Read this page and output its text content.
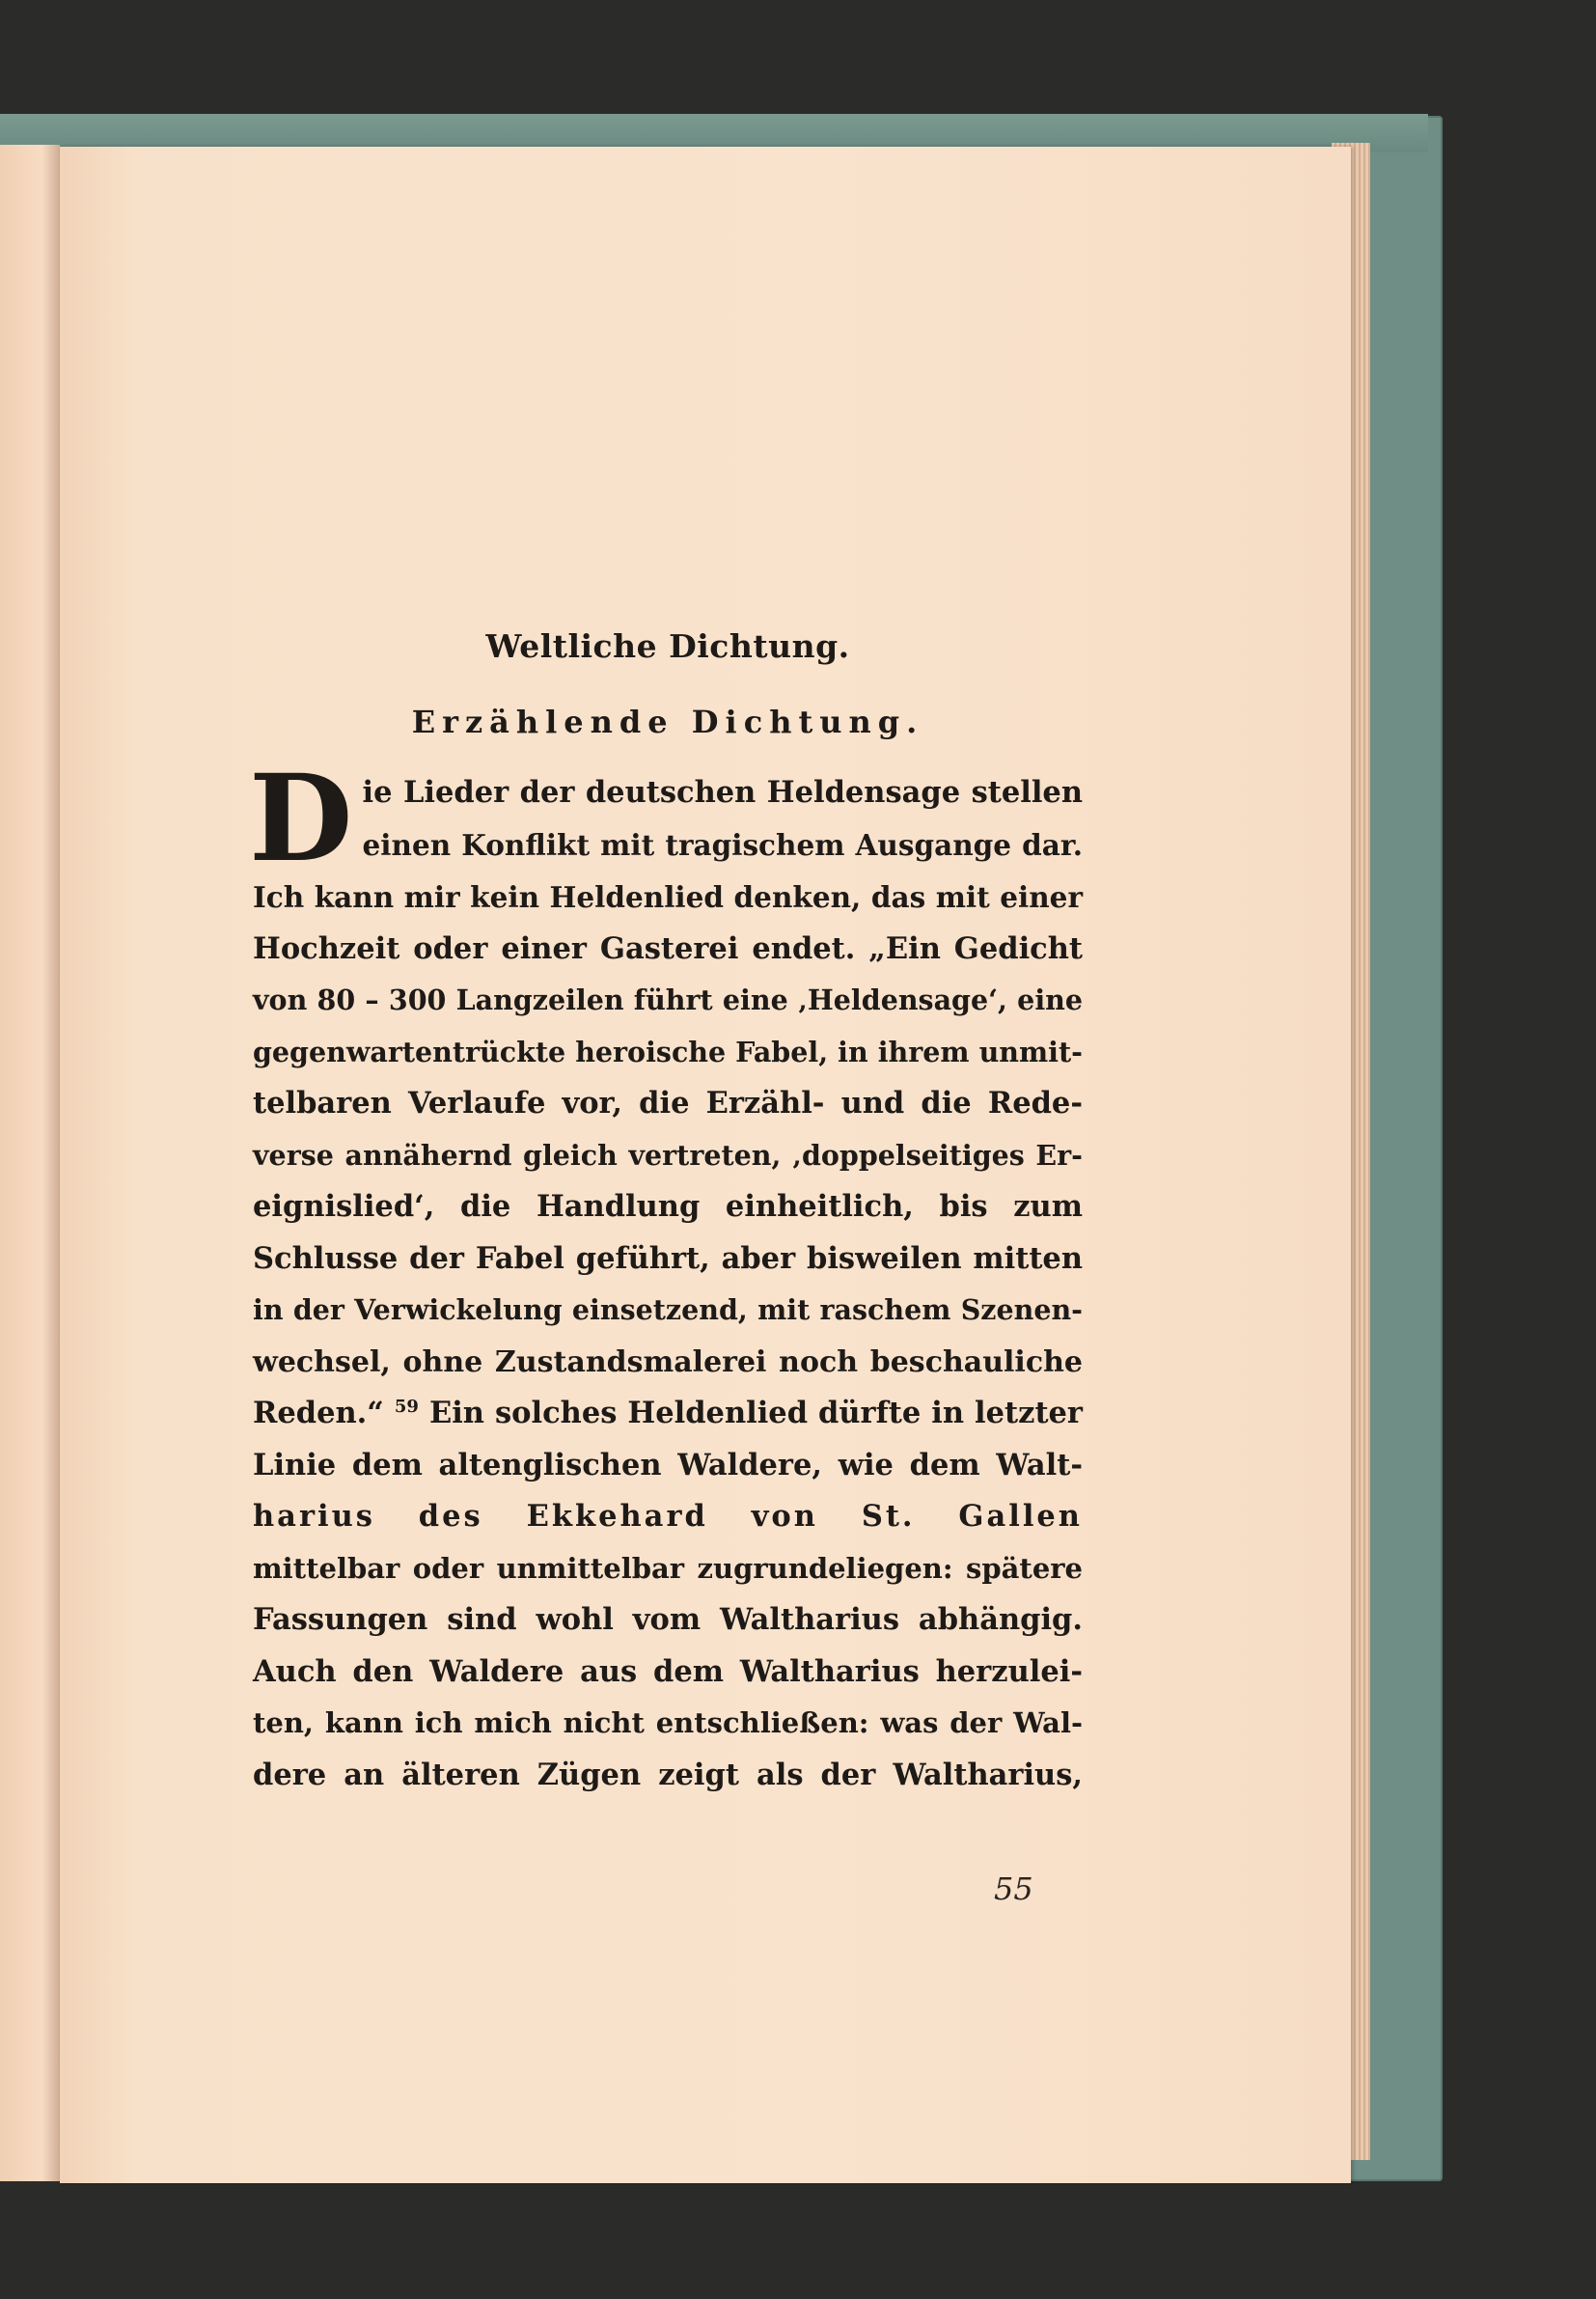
Weltliche Dichtung.
Erzählende Dichtung.
D ie Lieder der deutschen Heldensage stellen
einen Konflikt mit tragischem Ausgange dar.
Ich kann mir kein Heldenlied denken, das mit einer
Hochzeit oder einer Gasterei endet. „Ein Gedicht
von 80 – 300 Langzeilen führt eine ‚Heldensage‘, eine
gegenwartentrückte heroische Fabel, in ihrem unmit-
telbaren Verlaufe vor, die Erzähl- und die Rede-
verse annähernd gleich vertreten, ‚doppelseitiges Er-
eignislied‘, die Handlung einheitlich, bis zum
Schlusse der Fabel geführt, aber bisweilen mitten
in der Verwickelung einsetzend, mit raschem Szenen-
wechsel, ohne Zustandsmalerei noch beschauliche
Reden.“ $^{59}$ Ein solches Heldenlied dürfte in letzter
Linie dem altenglischen Waldere, wie dem Walt-
harius des Ekkehard von St. Gallen
mittelbar oder unmittelbar zugrundeliegen: spätere
Fassungen sind wohl vom Waltharius abhängig.
Auch den Waldere aus dem Waltharius herzulei-
ten, kann ich mich nicht entschließen: was der Wal-
dere an älteren Zügen zeigt als der Waltharius,
55
